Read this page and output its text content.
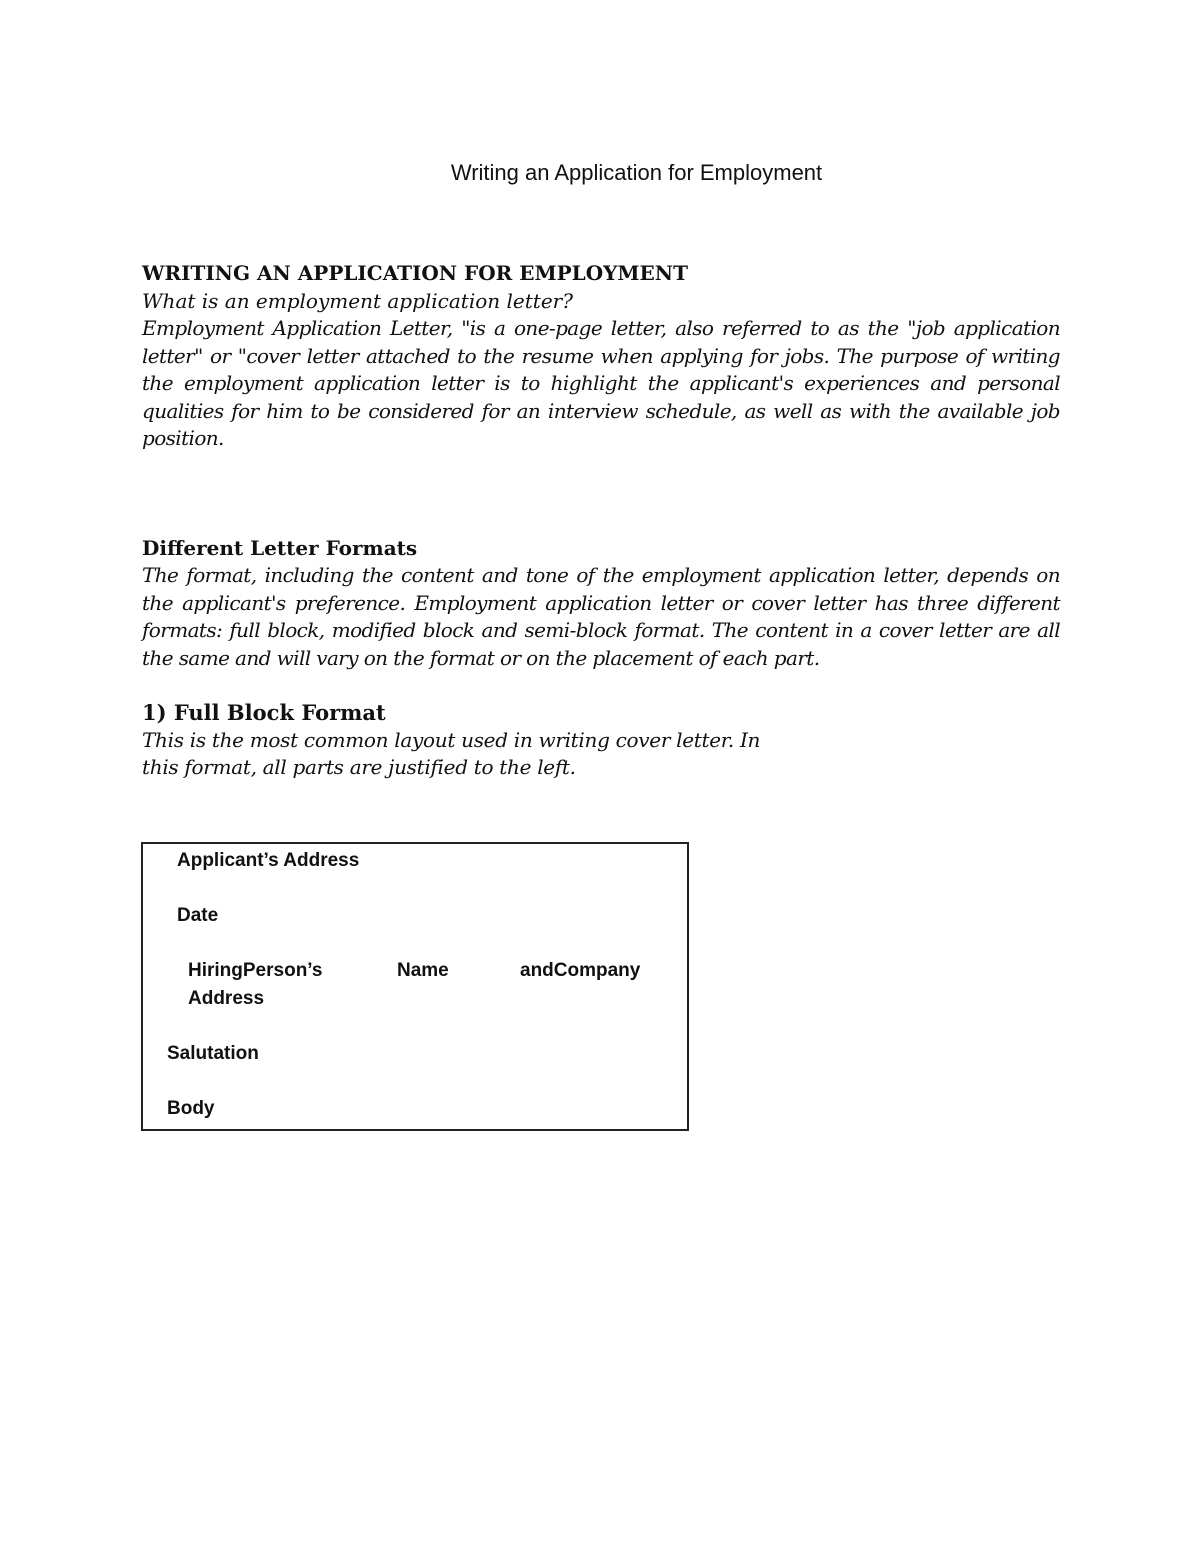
Writing an Application for Employment

WRITING AN APPLICATION FOR EMPLOYMENT

What is an employment application letter?

Employment Application Letter, "is a one-page letter, also referred to as the "job application letter" or "cover letter attached to the resume when applying for jobs. The purpose of writing the employment application letter is to highlight the applicant's experiences and personal qualities for him to be considered for an interview schedule, as well as with the available job position.

Different Letter Formats

The format, including the content and tone of the employment application letter, depends on the applicant's preference. Employment application letter or cover letter has three different formats: full block, modified block and semi-block format. The content in a cover letter are all the same and will vary on the format or on the placement of each part.

1) Full Block Format

This is the most common layout used in writing cover letter. In

this format, all parts are justified to the left.

Applicant’s Address
Date
HiringPerson’s	Name	andCompany
Address
Salutation
Body
